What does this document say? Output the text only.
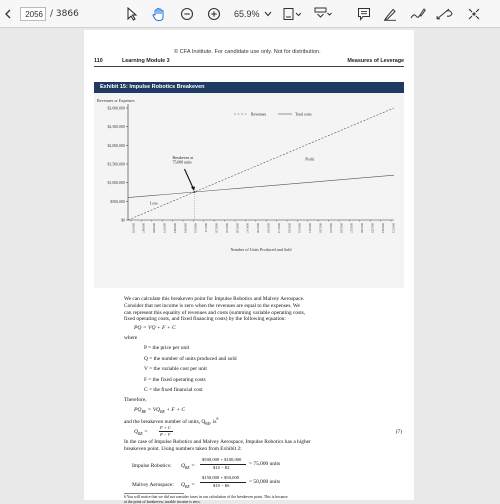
2056 / 3866	65.9%
© CFA Institute. For candidate use only. Not for distribution.
110	Learning Module 3	Measures of Leverage
Exhibit 15: Impulse Robotics Breakeven
Revenues or Expenses
$0
$500,000
$1,000,000
$1,500,000
$2,000,000
$2,500,000
$3,000,000
000078 000087 000096 000075 000084 000093 000102 000111 000120 000129 000138 000147 000156 000165 000174 000183 000192 000201 000210 000219 000228 000237 000246 000255 000264 000273
Number of Units Produced and Sold
Breakeven at
75,000 units
Profit
Loss
Revenues	Total costs
We can calculate this breakeven point for Impulse Robotics and Malvey Aerospace.
Consider that net income is zero when the revenues are equal to the expenses. We
can represent this equality of revenues and costs (summing variable operating costs,
fixed operating costs, and fixed financing costs) by the following equation:
PQ = VQ + F + C
where
P = the price per unit
Q = the number of units produced and sold
V = the variable cost per unit
F = the fixed operating costs
C = the fixed financial cost
Therefore,
$PQ_{BE} = VQ_{BE} + F + C$
and the breakeven number of units, $Q_{BE}$, $is^6$
$Q_{BE}$ =
F + C
P − V	(7)
In the case of Impulse Robotics and Malvey Aerospace, Impulse Robotics has a higher
breakeven point. Using numbers taken from Exhibit 2:
Impulse Robotics: $Q_{BE}$ =
$500,000 + $100,000
$10 − $2
= 75,000 units
Malvey Aerospace: $Q_{BE}$ =
$150,000 + $50,000
$10 − $6
= 50,000 units
6 You will notice that we did not consider taxes in our calculation of the breakeven point. This is because
at the point of breakeven, taxable income is zero.
